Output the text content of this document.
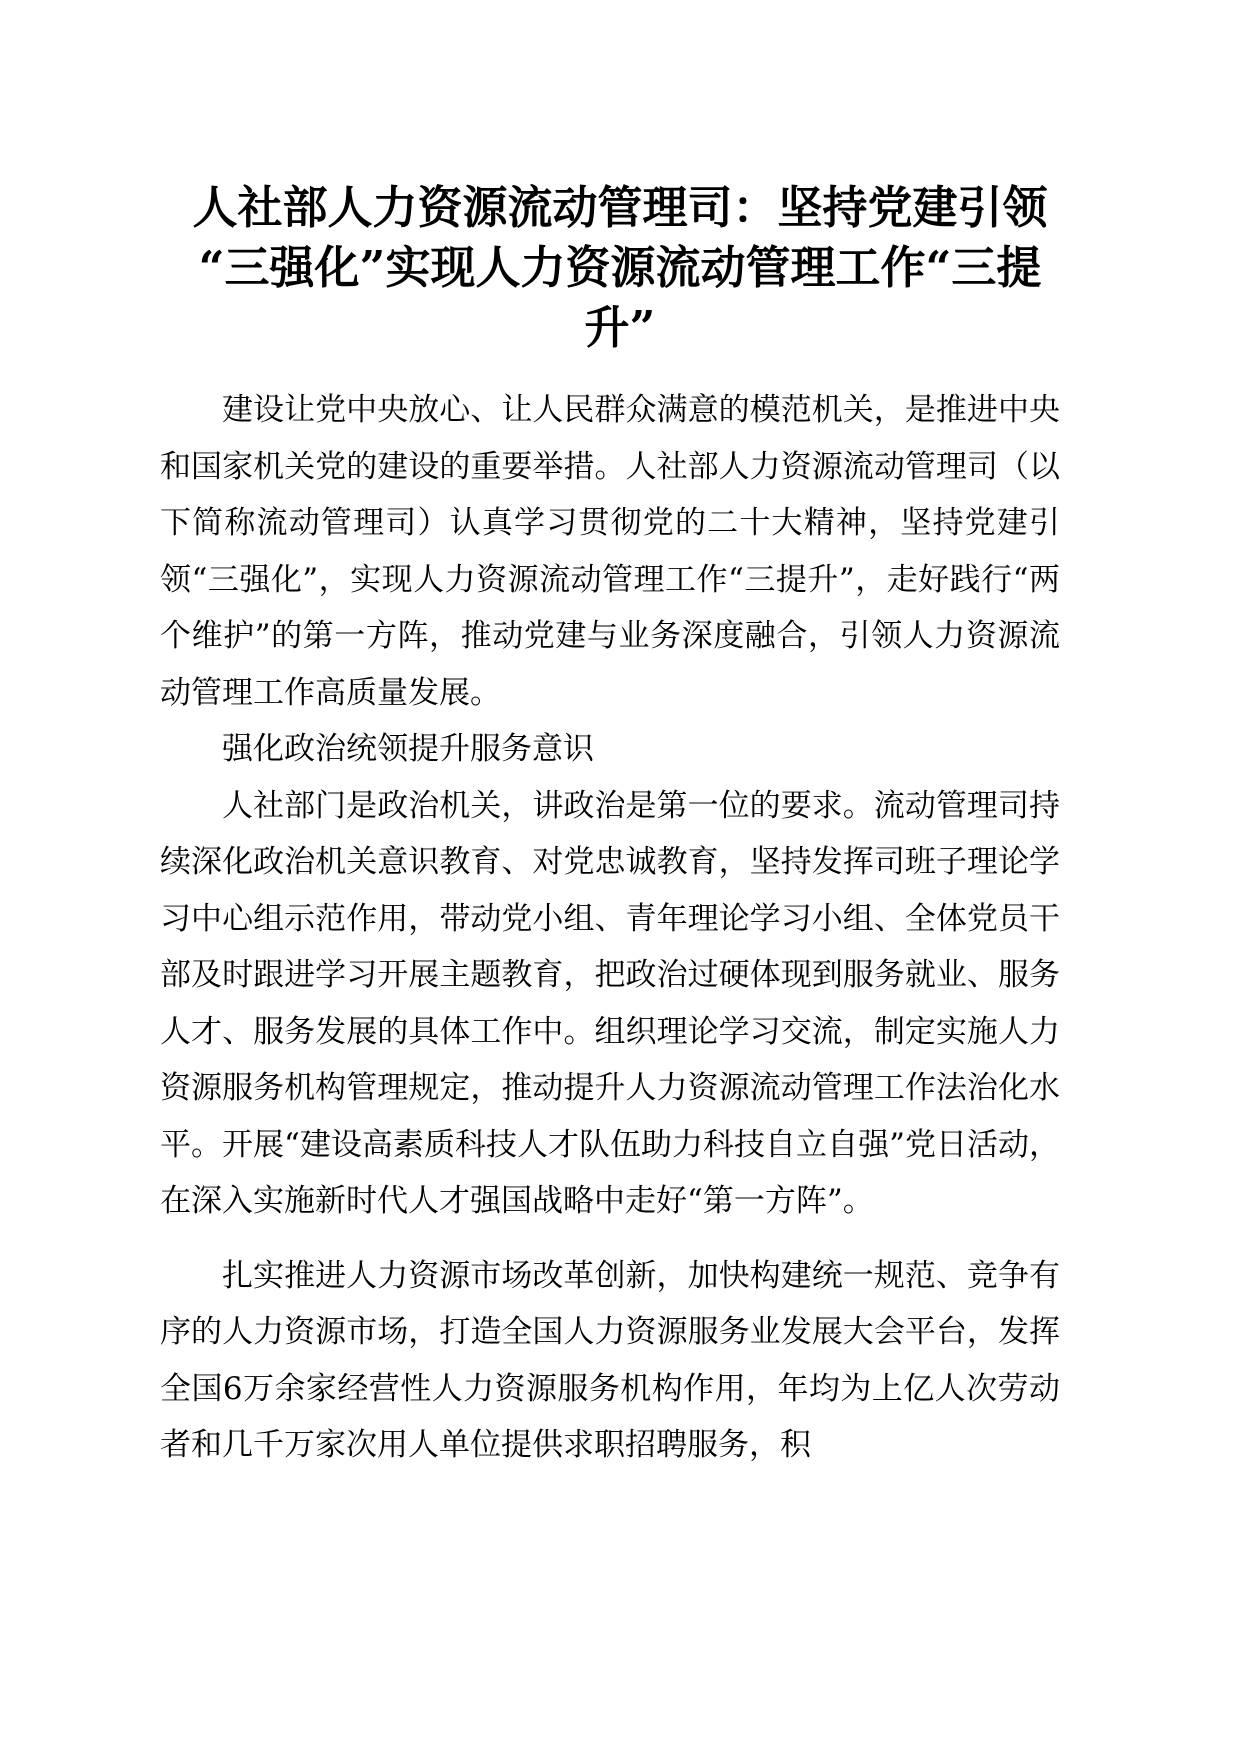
人社部人力资源流动管理司：坚持党建引领
“三强化”实现人力资源流动管理工作“三提
升”

建设让党中央放心、让人民群众满意的模范机关，是推进中央和国家机关党的建设的重要举措。人社部人力资源流动管理司（以下简称流动管理司）认真学习贯彻党的二十大精神，坚持党建引领“三强化”，实现人力资源流动管理工作“三提升”，走好践行“两个维护”的第一方阵，推动党建与业务深度融合，引领人力资源流动管理工作高质量发展。

强化政治统领提升服务意识

人社部门是政治机关，讲政治是第一位的要求。流动管理司持续深化政治机关意识教育、对党忠诚教育，坚持发挥司班子理论学习中心组示范作用，带动党小组、青年理论学习小组、全体党员干部及时跟进学习开展主题教育，把政治过硬体现到服务就业、服务人才、服务发展的具体工作中。组织理论学习交流，制定实施人力资源服务机构管理规定，推动提升人力资源流动管理工作法治化水平。开展“建设高素质科技人才队伍助力科技自立自强”党日活动，在深入实施新时代人才强国战略中走好“第一方阵”。

扎实推进人力资源市场改革创新，加快构建统一规范、竞争有序的人力资源市场，打造全国人力资源服务业发展大会平台，发挥全国6万余家经营性人力资源服务机构作用，年均为上亿人次劳动者和几千万家次用人单位提供求职招聘服务，积
